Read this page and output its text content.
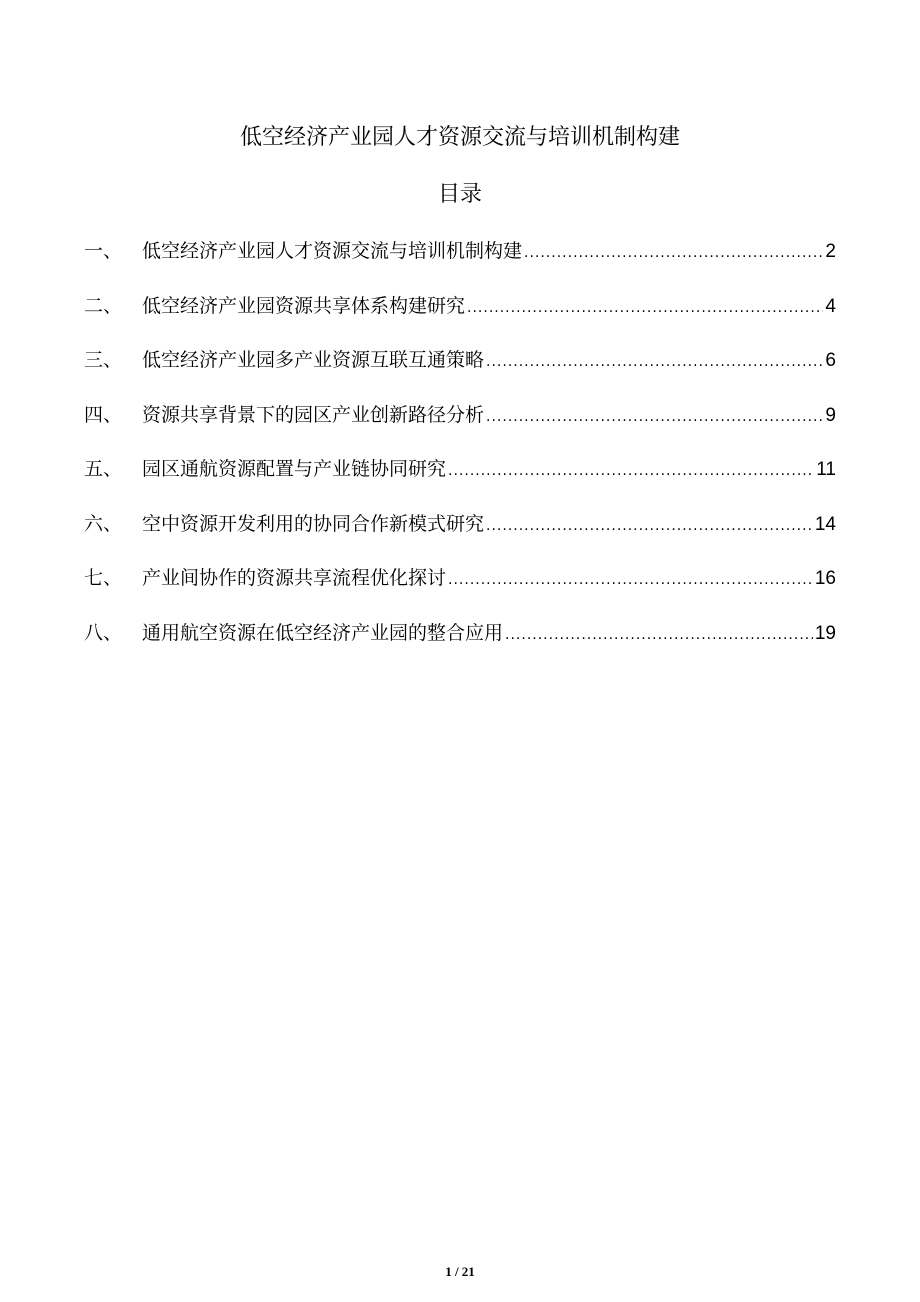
低空经济产业园人才资源交流与培训机制构建
目录
一、	低空经济产业园人才资源交流与培训机制构建 .....	2
二、	低空经济产业园资源共享体系构建研究 .....	4
三、	低空经济产业园多产业资源互联互通策略 .....	6
四、	资源共享背景下的园区产业创新路径分析 .....	9
五、	园区通航资源配置与产业链协同研究 .....	11
六、	空中资源开发利用的协同合作新模式研究 .....	14
七、	产业间协作的资源共享流程优化探讨 .....	16
八、	通用航空资源在低空经济产业园的整合应用 .....	19
1 / 21
